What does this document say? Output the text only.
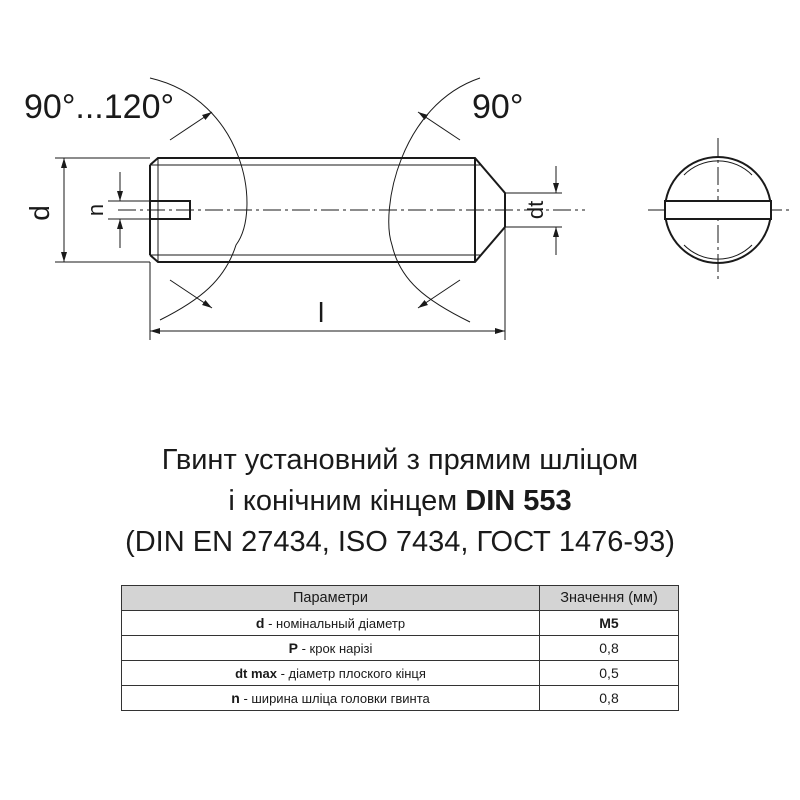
d n	dt
l
90°...120°	90°
Гвинт установний з прямим шліцом
і конічним кінцем DIN 553
(DIN EN 27434, ISO 7434, ГОСТ 1476-93)
Параметри	Значення (мм)
d - номінальный діаметр	М5
P - крок нарізі	0,8
dt max - діаметр плоского кінця	0,5
n - ширина шліца головки гвинта	0,8
